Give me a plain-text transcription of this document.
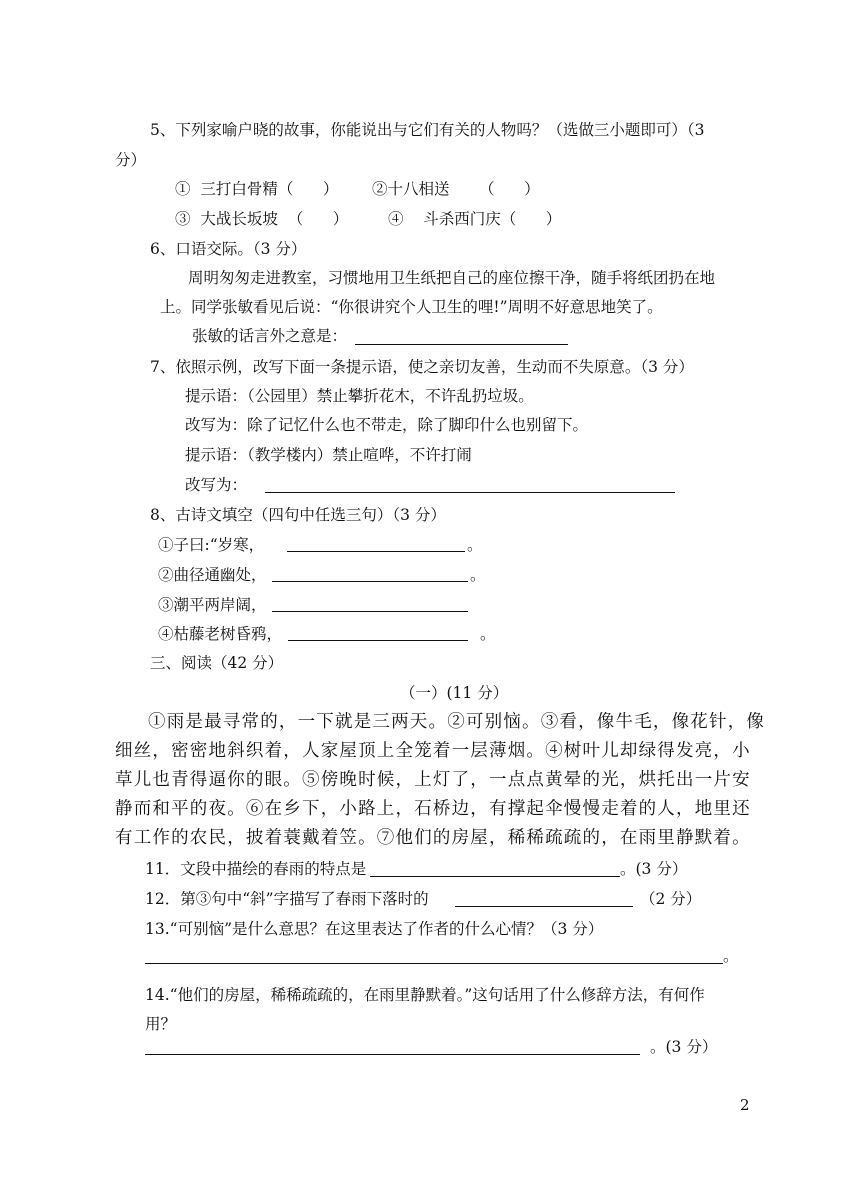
5、下列家喻户晓的故事，你能说出与它们有关的人物吗？（选做三小题即可）（3
分）
①  三打白骨精（      ） ②十八相送      （      ）
③  大战长坂坡  （      ）	④    斗杀西门庆（      ）
6、口语交际。（3 分）
周明匆匆走进教室，习惯地用卫生纸把自己的座位擦干净，随手将纸团扔在地
上。同学张敏看见后说：“你很讲究个人卫生的哩!”周明不好意思地笑了。
张敏的话言外之意是：
7、依照示例，改写下面一条提示语，使之亲切友善，生动而不失原意。（3 分）
提示语：（公园里）禁止攀折花木，不许乱扔垃圾。
改写为：除了记忆什么也不带走，除了脚印什么也别留下。
提示语：（教学楼内）禁止喧哗，不许打闹
改写为：
8、古诗文填空（四句中任选三句）（3 分）
①子曰:“岁寒，	。
②曲径通幽处，	。
③潮平两岸阔，
④枯藤老树昏鸦，	。
三、阅读（42 分）
（一）(11 分）
①雨是最寻常的，一下就是三两天。②可别恼。③看，像牛毛，像花针，像
细丝，密密地斜织着，人家屋顶上全笼着一层薄烟。④树叶儿却绿得发亮，小
草儿也青得逼你的眼。⑤傍晚时候，上灯了，一点点黄晕的光，烘托出一片安
静而和平的夜。⑥在乡下，小路上，石桥边，有撑起伞慢慢走着的人，地里还
有工作的农民，披着蓑戴着笠。⑦他们的房屋，稀稀疏疏的，在雨里静默着。
11．文段中描绘的春雨的特点是	。(3 分）
12．第③句中“斜”字描写了春雨下落时的	（2 分）
13.“可别恼”是什么意思？在这里表达了作者的什么心情？（3 分）
。
14.“他们的房屋，稀稀疏疏的，在雨里静默着。”这句话用了什么修辞方法，有何作
用？
。(3 分）
2
